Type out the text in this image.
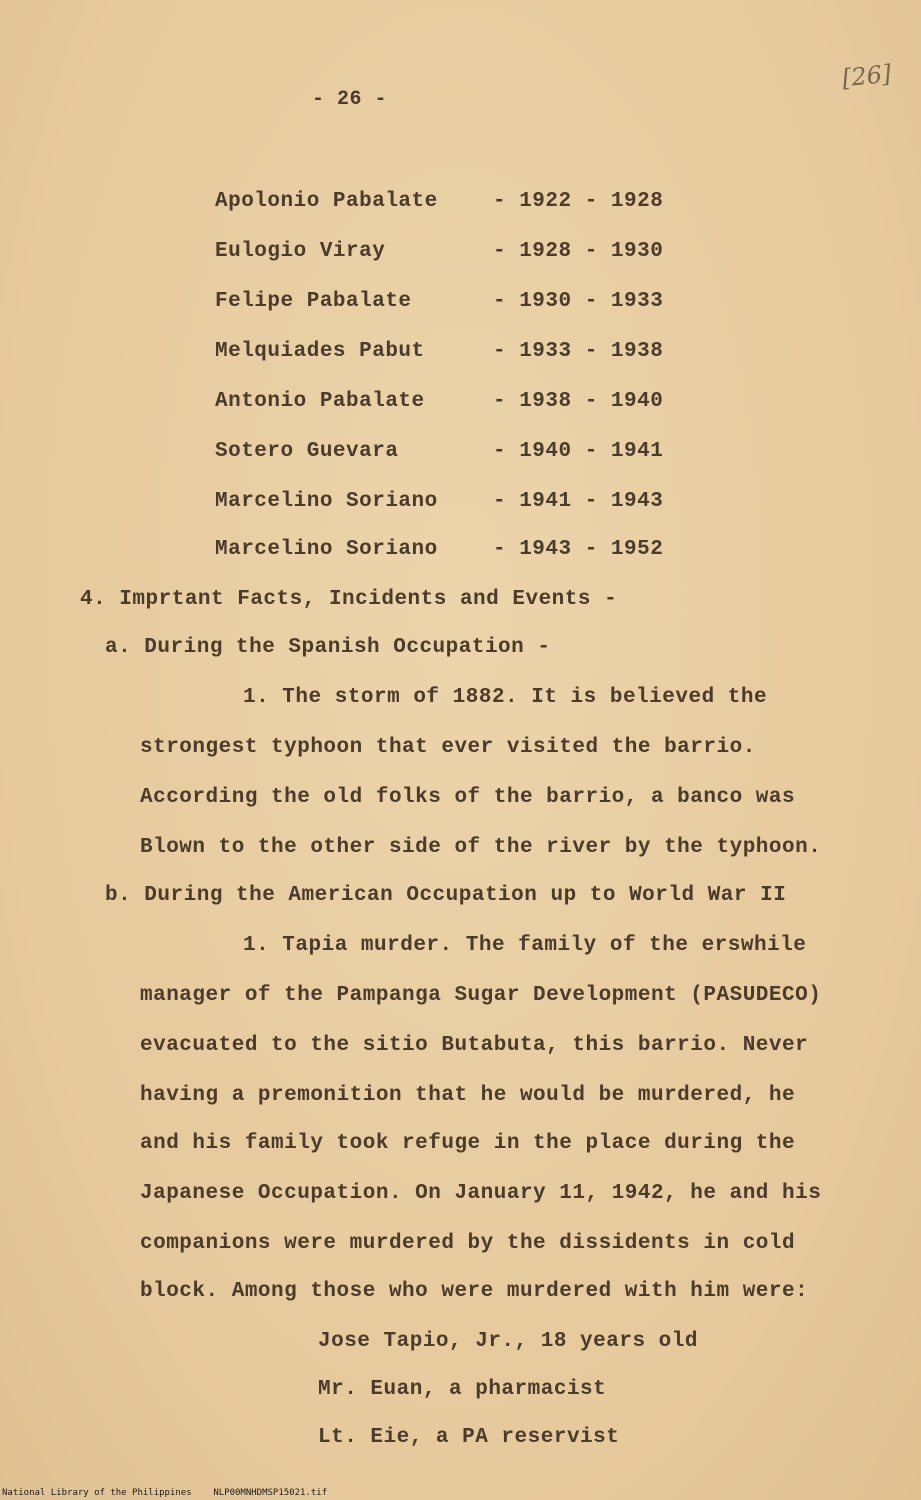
- 26 -
[26]
Apolonio Pabalate	- 1922 - 1928
Eulogio Viray	- 1928 - 1930
Felipe Pabalate	- 1930 - 1933
Melquiades Pabut	- 1933 - 1938
Antonio Pabalate	- 1938 - 1940
Sotero Guevara	- 1940 - 1941
Marcelino Soriano	- 1941 - 1943
Marcelino Soriano	- 1943 - 1952
4. Imprtant Facts, Incidents and Events -
a. During the Spanish Occupation -
1. The storm of 1882. It is believed the
strongest typhoon that ever visited the barrio.
According the old folks of the barrio, a banco was
Blown to the other side of the river by the typhoon.
b. During the American Occupation up to World War II
1. Tapia murder. The family of the erswhile
manager of the Pampanga Sugar Development (PASUDECO)
evacuated to the sitio Butabuta, this barrio. Never
having a premonition that he would be murdered, he
and his family took refuge in the place during the
Japanese Occupation. On January 11, 1942, he and his
companions were murdered by the dissidents in cold
block. Among those who were murdered with him were:
Jose Tapio, Jr., 18 years old
Mr. Euan, a pharmacist
Lt. Eie, a PA reservist
National Library of the Philippines    NLP00MNHDMSP15021.tif
